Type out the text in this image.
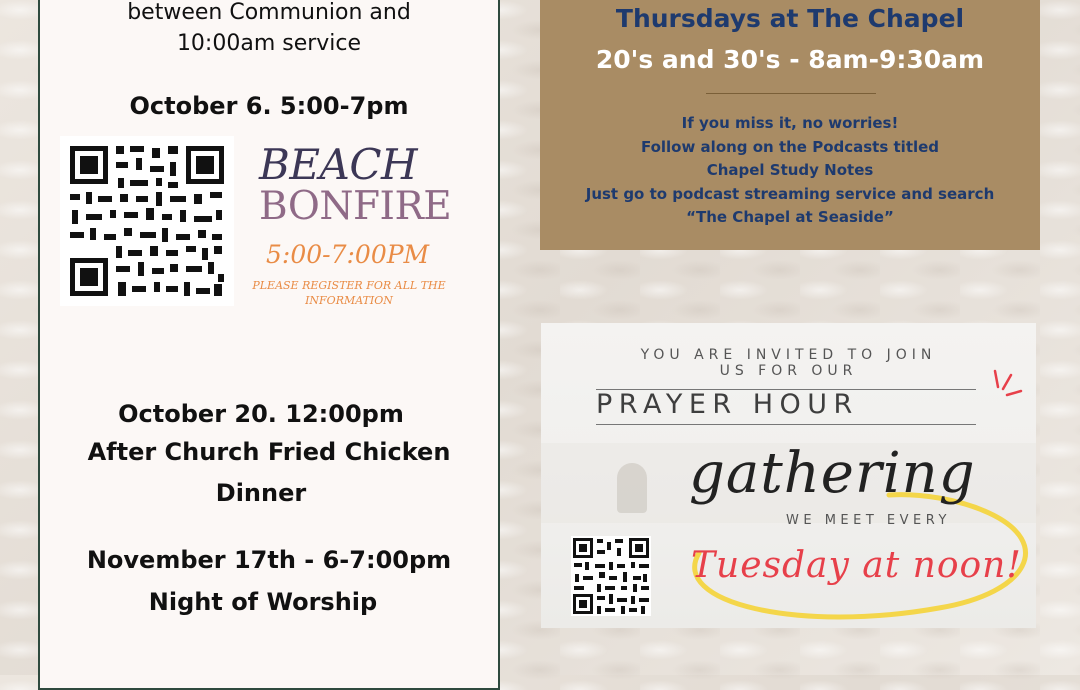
between Communion and
10:00am service
October 6. 5:00-7pm
BEACH
BONFIRE
5:00-7:00PM
PLEASE REGISTER FOR ALL THE
INFORMATION
October 20. 12:00pm
After Church Fried Chicken
Dinner
November 17th - 6-7:00pm
Night of Worship
Thursdays at The Chapel
20's and 30's - 8am-9:30am
If you miss it, no worries!
Follow along on the Podcasts titled
Chapel Study Notes
Just go to podcast streaming service and search
“The Chapel at Seaside”
YOU ARE INVITED TO JOIN
US FOR OUR
PRAYER HOUR
gathering
WE MEET EVERY
Tuesday at noon!
